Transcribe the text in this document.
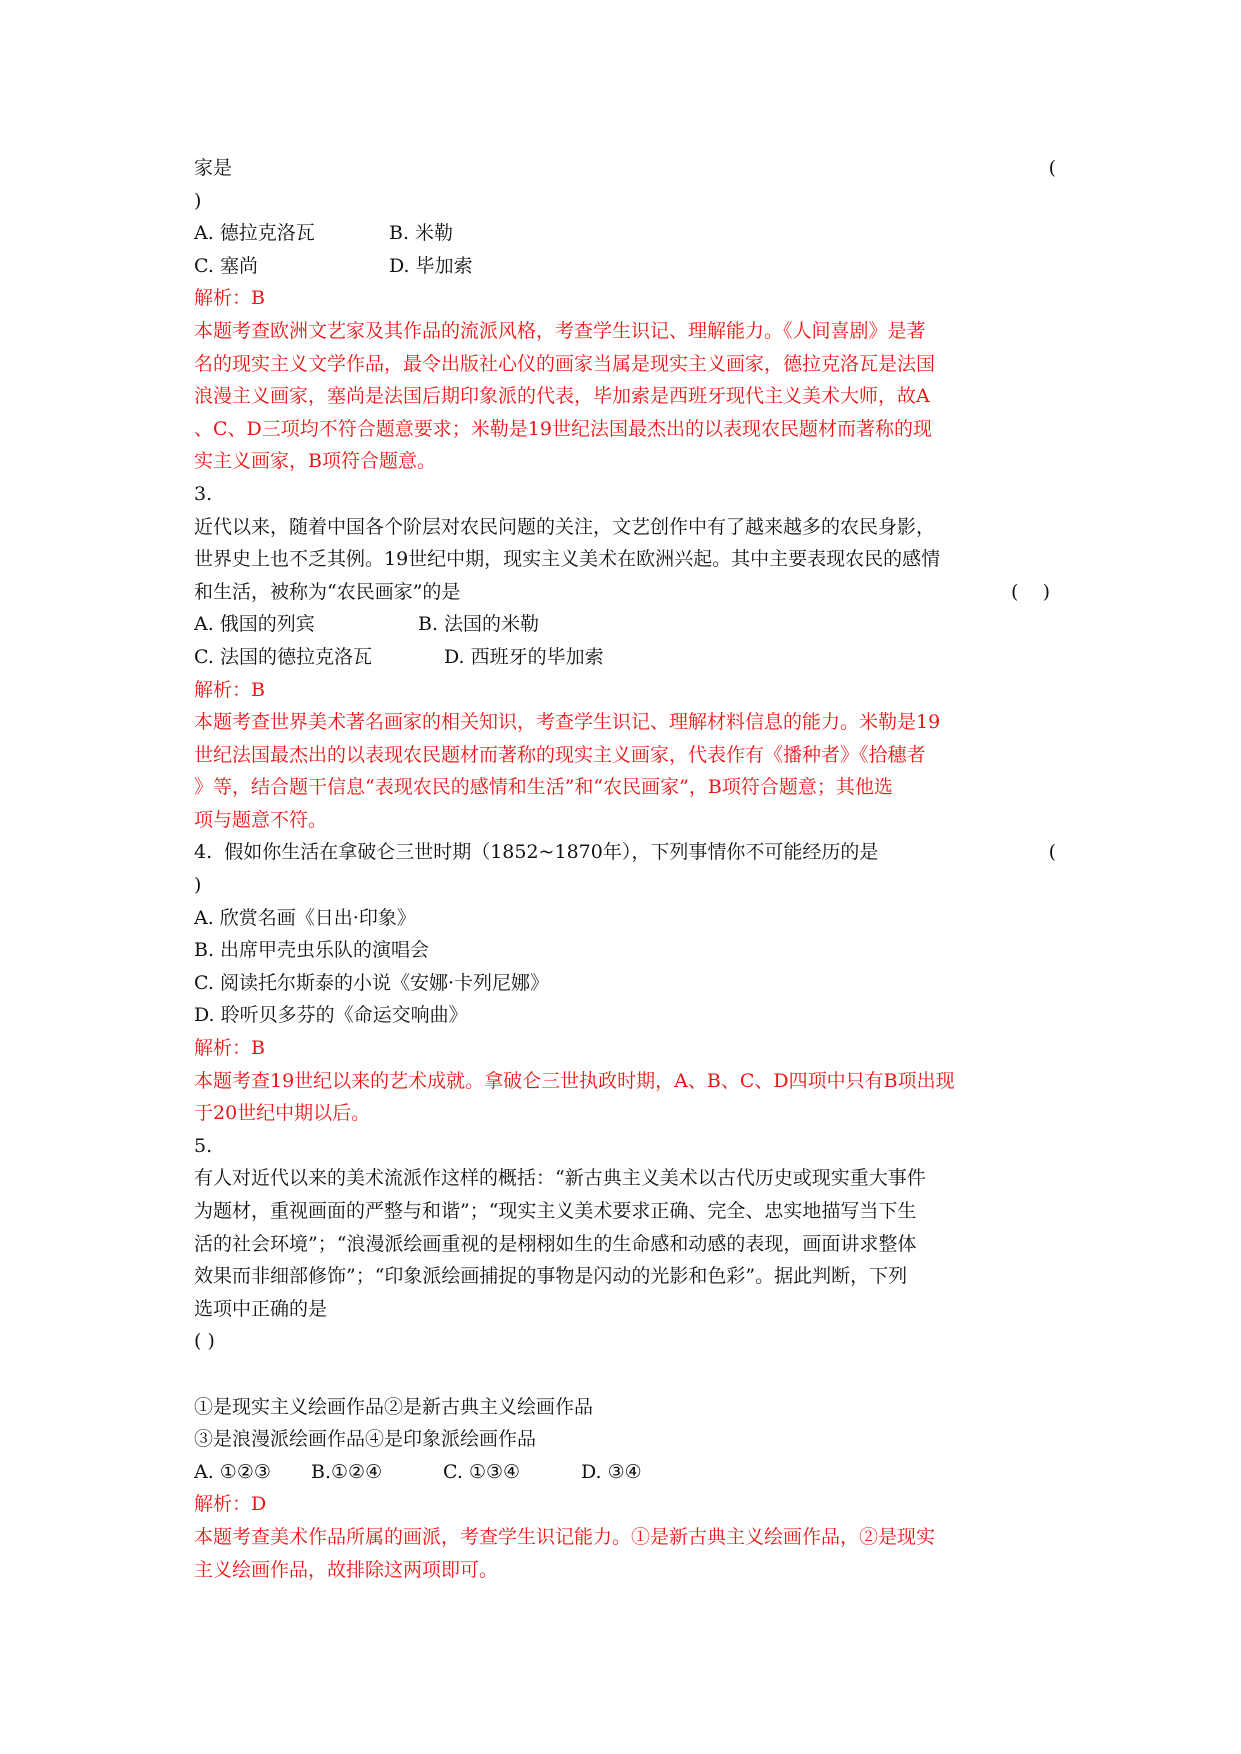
家是	(
)
A. 德拉克洛瓦	B. 米勒
C. 塞尚	D. 毕加索
解析：B
本题考查欧洲文艺家及其作品的流派风格，考查学生识记、理解能力。《人间喜剧》是著
名的现实主义文学作品，最令出版社心仪的画家当属是现实主义画家，德拉克洛瓦是法国
浪漫主义画家，塞尚是法国后期印象派的代表，毕加索是西班牙现代主义美术大师，故A
、C、D三项均不符合题意要求；米勒是19世纪法国最杰出的以表现农民题材而著称的现
实主义画家，B项符合题意。
3.
近代以来，随着中国各个阶层对农民问题的关注，文艺创作中有了越来越多的农民身影，
世界史上也不乏其例。19世纪中期，现实主义美术在欧洲兴起。其中主要表现农民的感情
和生活，被称为“农民画家”的是	(    )
A. 俄国的列宾	B. 法国的米勒
C. 法国的德拉克洛瓦	D. 西班牙的毕加索
解析：B
本题考查世界美术著名画家的相关知识，考查学生识记、理解材料信息的能力。米勒是19
世纪法国最杰出的以表现农民题材而著称的现实主义画家，代表作有《播种者》《拾穗者
》等，结合题干信息“表现农民的感情和生活”和“农民画家”，B项符合题意；其他选
项与题意不符。
4.  假如你生活在拿破仑三世时期（1852~1870年），下列事情你不可能经历的是	(
)
A. 欣赏名画《日出·印象》
B. 出席甲壳虫乐队的演唱会
C. 阅读托尔斯泰的小说《安娜·卡列尼娜》
D. 聆听贝多芬的《命运交响曲》
解析：B
本题考查19世纪以来的艺术成就。拿破仑三世执政时期，A、B、C、D四项中只有B项出现
于20世纪中期以后。
5.
有人对近代以来的美术流派作这样的概括：“新古典主义美术以古代历史或现实重大事件
为题材，重视画面的严整与和谐”；“现实主义美术要求正确、完全、忠实地描写当下生
活的社会环境”；“浪漫派绘画重视的是栩栩如生的生命感和动感的表现，画面讲求整体
效果而非细部修饰”；“印象派绘画捕捉的事物是闪动的光影和色彩”。据此判断，下列
选项中正确的是
( )
①是现实主义绘画作品②是新古典主义绘画作品
③是浪漫派绘画作品④是印象派绘画作品
A. ①②③ B.①②④	C. ①③④	D. ③④
解析：D
本题考查美术作品所属的画派，考查学生识记能力。①是新古典主义绘画作品，②是现实
主义绘画作品，故排除这两项即可。
